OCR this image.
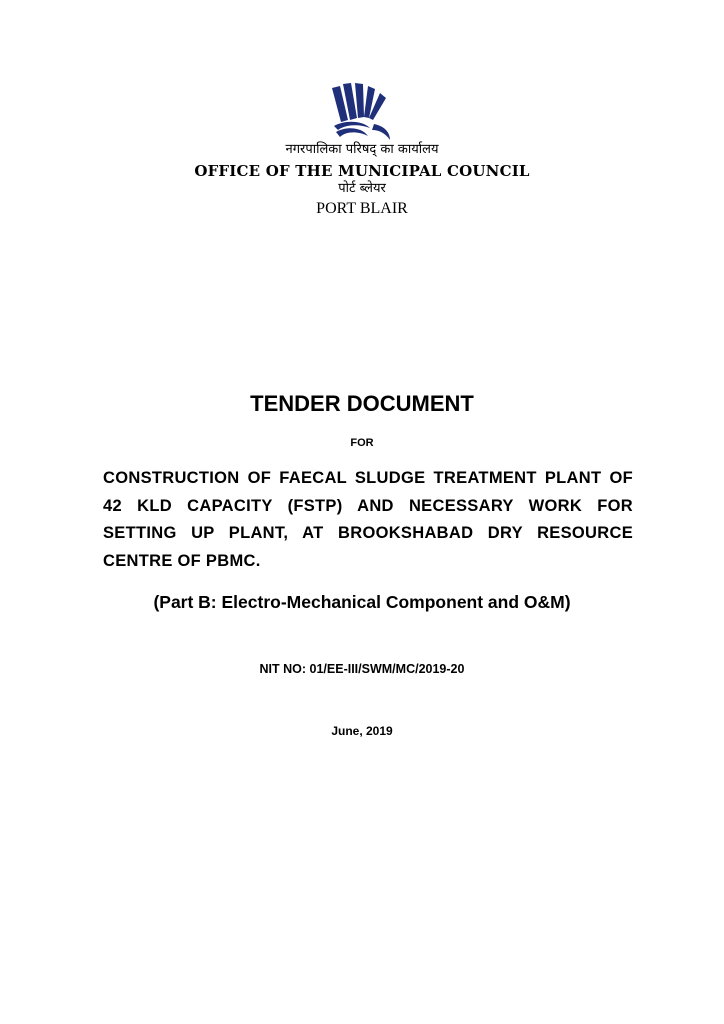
नगरपालिका परिषद् का कार्यालय
OFFICE OF THE MUNICIPAL COUNCIL
पोर्ट ब्लेयर
PORT BLAIR
TENDER DOCUMENT
FOR
CONSTRUCTION OF FAECAL SLUDGE TREATMENT PLANT OF 42 KLD CAPACITY (FSTP) AND NECESSARY WORK FOR SETTING UP PLANT, AT BROOKSHABAD DRY RESOURCE CENTRE OF PBMC.
(Part B: Electro-Mechanical Component and O&M)
NIT NO: 01/EE-III/SWM/MC/2019-20
June, 2019
